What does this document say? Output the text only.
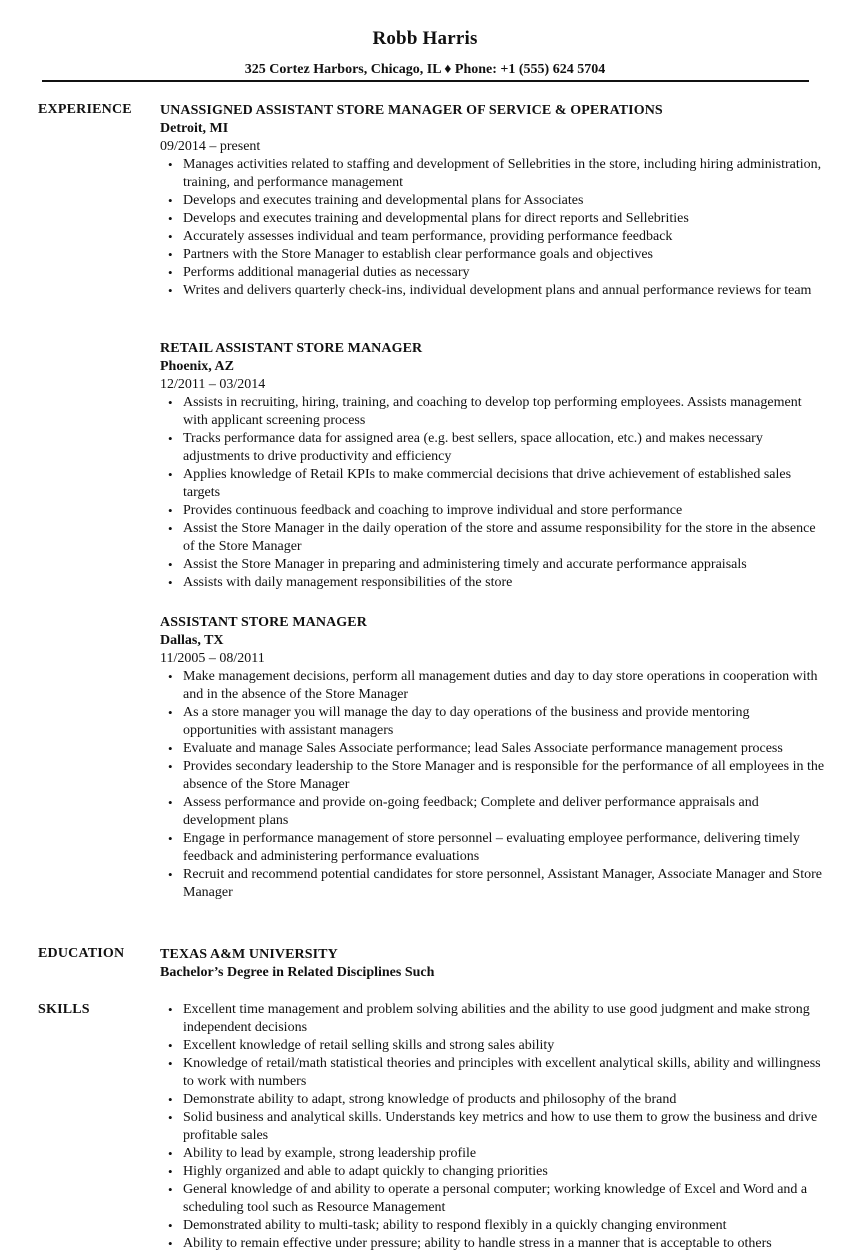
Robb Harris
325 Cortez Harbors, Chicago, IL ♦ Phone: +1 (555) 624 5704
EXPERIENCE UNASSIGNED ASSISTANT STORE MANAGER OF SERVICE & OPERATIONS
Detroit, MI
09/2014 – present
• Manages activities related to staffing and development of Sellebrities in the store, including hiring administration, training, and performance management
• Develops and executes training and developmental plans for Associates
• Develops and executes training and developmental plans for direct reports and Sellebrities
• Accurately assesses individual and team performance, providing performance feedback
• Partners with the Store Manager to establish clear performance goals and objectives
• Performs additional managerial duties as necessary
• Writes and delivers quarterly check-ins, individual development plans and annual performance reviews for team
RETAIL ASSISTANT STORE MANAGER
Phoenix, AZ
12/2011 – 03/2014
• Assists in recruiting, hiring, training, and coaching to develop top performing employees. Assists management with applicant screening process
• Tracks performance data for assigned area (e.g. best sellers, space allocation, etc.) and makes necessary adjustments to drive productivity and efficiency
• Applies knowledge of Retail KPIs to make commercial decisions that drive achievement of established sales targets
• Provides continuous feedback and coaching to improve individual and store performance
• Assist the Store Manager in the daily operation of the store and assume responsibility for the store in the absence of the Store Manager
• Assist the Store Manager in preparing and administering timely and accurate performance appraisals
• Assists with daily management responsibilities of the store
ASSISTANT STORE MANAGER
Dallas, TX
11/2005 – 08/2011
• Make management decisions, perform all management duties and day to day store operations in cooperation with and in the absence of the Store Manager
• As a store manager you will manage the day to day operations of the business and provide mentoring opportunities with assistant managers
• Evaluate and manage Sales Associate performance; lead Sales Associate performance management process
• Provides secondary leadership to the Store Manager and is responsible for the performance of all employees in the absence of the Store Manager
• Assess performance and provide on-going feedback; Complete and deliver performance appraisals and development plans
• Engage in performance management of store personnel – evaluating employee performance, delivering timely feedback and administering performance evaluations
• Recruit and recommend potential candidates for store personnel, Assistant Manager, Associate Manager and Store Manager
EDUCATION	TEXAS A&M UNIVERSITY
Bachelor’s Degree in Related Disciplines Such
SKILLS
•	Excellent time management and problem solving abilities and the ability to use good judgment and make strong independent decisions
• Excellent knowledge of retail selling skills and strong sales ability
• Knowledge of retail/math statistical theories and principles with excellent analytical skills, ability and willingness to work with numbers
• Demonstrate ability to adapt, strong knowledge of products and philosophy of the brand
• Solid business and analytical skills. Understands key metrics and how to use them to grow the business and drive profitable sales
• Ability to lead by example, strong leadership profile
• Highly organized and able to adapt quickly to changing priorities
• General knowledge of and ability to operate a personal computer; working knowledge of Excel and Word and a scheduling tool such as Resource Management
• Demonstrated ability to multi-task; ability to respond flexibly in a quickly changing environment
• Ability to remain effective under pressure; ability to handle stress in a manner that is acceptable to others
